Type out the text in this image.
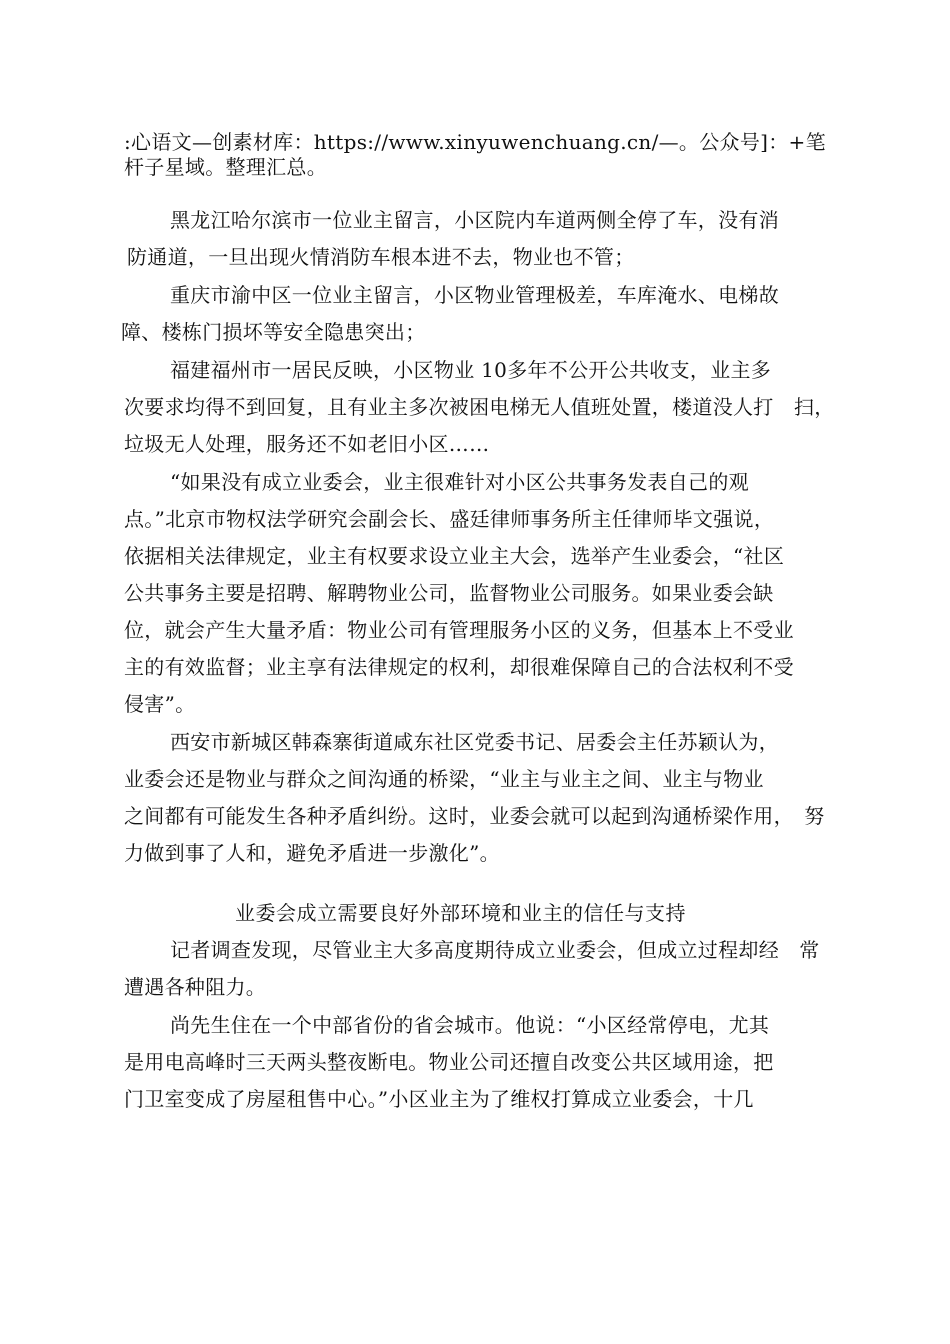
:心语文—创素材库：https://www.xinyuwenchuang.cn/—。公众号]：+笔
杆子星域。整理汇总。
黑龙江哈尔滨市一位业主留言，小区院内车道两侧全停了车，没有消
防通道，一旦出现火情消防车根本进不去，物业也不管；
重庆市渝中区一位业主留言，小区物业管理极差，车库淹水、电梯故
障、楼栋门损坏等安全隐患突出；
福建福州市一居民反映，小区物业 10多年不公开公共收支，业主多
次要求均得不到回复，且有业主多次被困电梯无人值班处置，楼道没人打　扫，
垃圾无人处理，服务还不如老旧小区……
“如果没有成立业委会，业主很难针对小区公共事务发表自己的观
点。”北京市物权法学研究会副会长、盛廷律师事务所主任律师毕文强说，
依据相关法律规定，业主有权要求设立业主大会，选举产生业委会，“社区
公共事务主要是招聘、解聘物业公司，监督物业公司服务。如果业委会缺
位，就会产生大量矛盾：物业公司有管理服务小区的义务，但基本上不受业
主的有效监督；业主享有法律规定的权利，却很难保障自己的合法权利不受
侵害”。
西安市新城区韩森寨街道咸东社区党委书记、居委会主任苏颖认为，
业委会还是物业与群众之间沟通的桥梁，“业主与业主之间、业主与物业
之间都有可能发生各种矛盾纠纷。这时，业委会就可以起到沟通桥梁作用，　努
力做到事了人和，避免矛盾进一步激化”。
业委会成立需要良好外部环境和业主的信任与支持
记者调查发现，尽管业主大多高度期待成立业委会，但成立过程却经　常
遭遇各种阻力。
尚先生住在一个中部省份的省会城市。他说：“小区经常停电，尤其
是用电高峰时三天两头整夜断电。物业公司还擅自改变公共区域用途，把
门卫室变成了房屋租售中心。”小区业主为了维权打算成立业委会，十几
